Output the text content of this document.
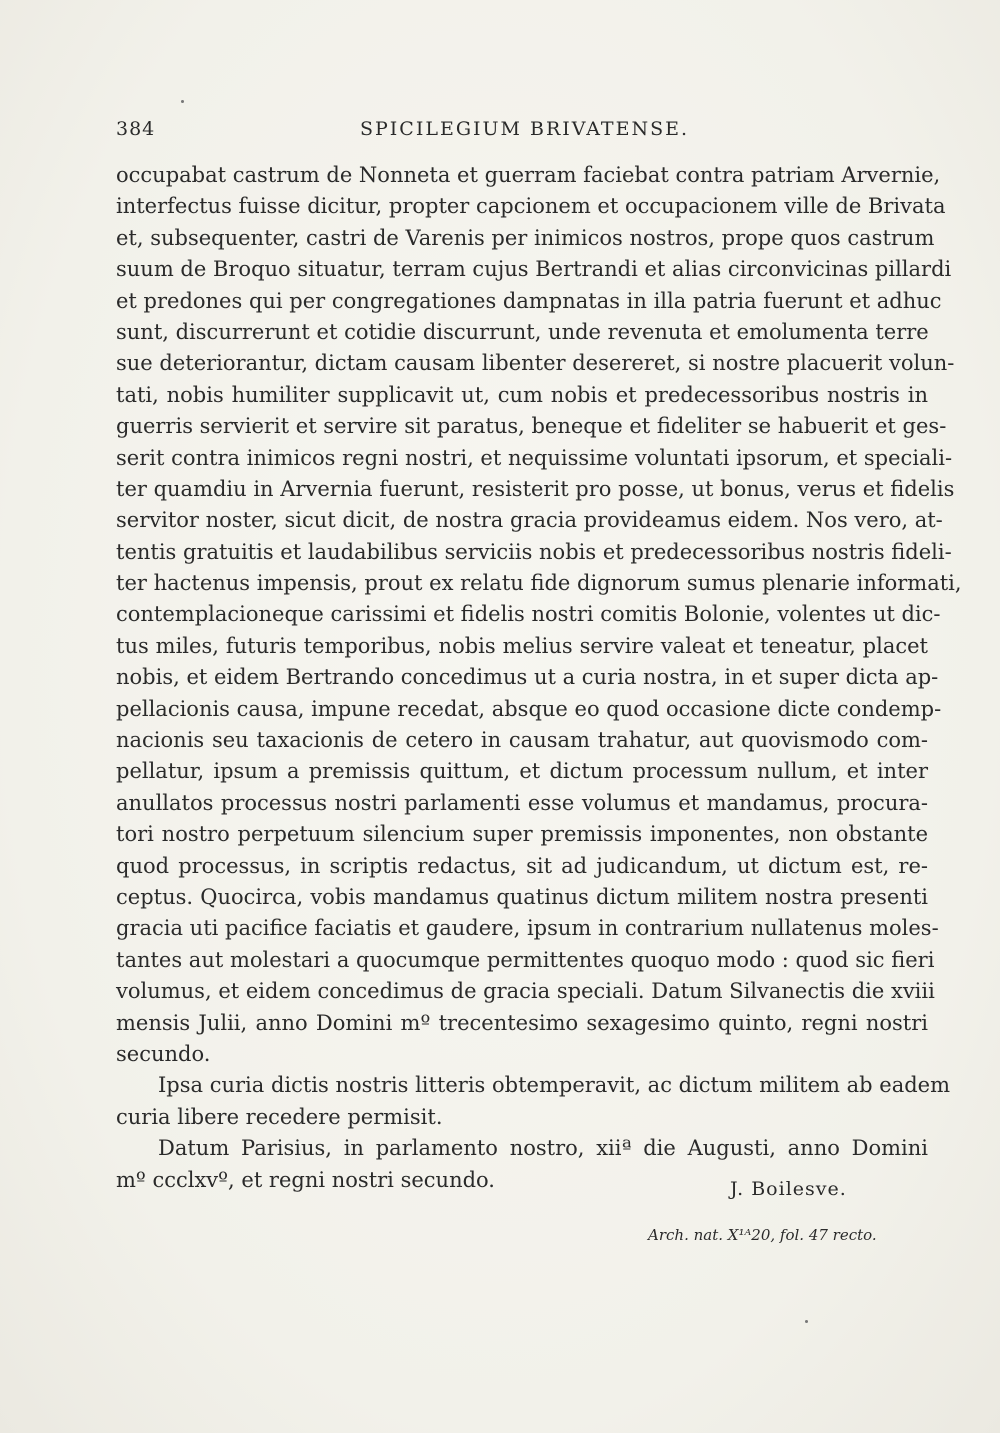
384	SPICILEGIUM BRIVATENSE.
occupabat castrum de Nonneta et guerram faciebat contra patriam Arvernie,
interfectus fuisse dicitur, propter capcionem et occupacionem ville de Brivata
et, subsequenter, castri de Varenis per inimicos nostros, prope quos castrum
suum de Broquo situatur, terram cujus Bertrandi et alias circonvicinas pillardi
et predones qui per congregationes dampnatas in illa patria fuerunt et adhuc
sunt, discurrerunt et cotidie discurrunt, unde revenuta et emolumenta terre
sue deteriorantur, dictam causam libenter desereret, si nostre placuerit volun-
tati, nobis humiliter supplicavit ut, cum nobis et predecessoribus nostris in
guerris servierit et servire sit paratus, beneque et fideliter se habuerit et ges-
serit contra inimicos regni nostri, et nequissime voluntati ipsorum, et speciali-
ter quamdiu in Arvernia fuerunt, resisterit pro posse, ut bonus, verus et fidelis
servitor noster, sicut dicit, de nostra gracia provideamus eidem. Nos vero, at-
tentis gratuitis et laudabilibus serviciis nobis et predecessoribus nostris fideli-
ter hactenus impensis, prout ex relatu fide dignorum sumus plenarie informati,
contemplacioneque carissimi et fidelis nostri comitis Bolonie, volentes ut dic-
tus miles, futuris temporibus, nobis melius servire valeat et teneatur, placet
nobis, et eidem Bertrando concedimus ut a curia nostra, in et super dicta ap-
pellacionis causa, impune recedat, absque eo quod occasione dicte condemp-
nacionis seu taxacionis de cetero in causam trahatur, aut quovismodo com-
pellatur, ipsum a premissis quittum, et dictum processum nullum, et inter
anullatos processus nostri parlamenti esse volumus et mandamus, procura-
tori nostro perpetuum silencium super premissis imponentes, non obstante
quod processus, in scriptis redactus, sit ad judicandum, ut dictum est, re-
ceptus. Quocirca, vobis mandamus quatinus dictum militem nostra presenti
gracia uti pacifice faciatis et gaudere, ipsum in contrarium nullatenus moles-
tantes aut molestari a quocumque permittentes quoquo modo : quod sic fieri
volumus, et eidem concedimus de gracia speciali. Datum Silvanectis die xviii
mensis Julii, anno Domini mº trecentesimo sexagesimo quinto, regni nostri
secundo.
Ipsa curia dictis nostris litteris obtemperavit, ac dictum militem ab eadem
curia libere recedere permisit.
Datum Parisius, in parlamento nostro, xiiª die Augusti, anno Domini
mº ccclxvº, et regni nostri secundo.	J. Boilesve.
Arch. nat. X¹ᴬ20, fol. 47 recto.
